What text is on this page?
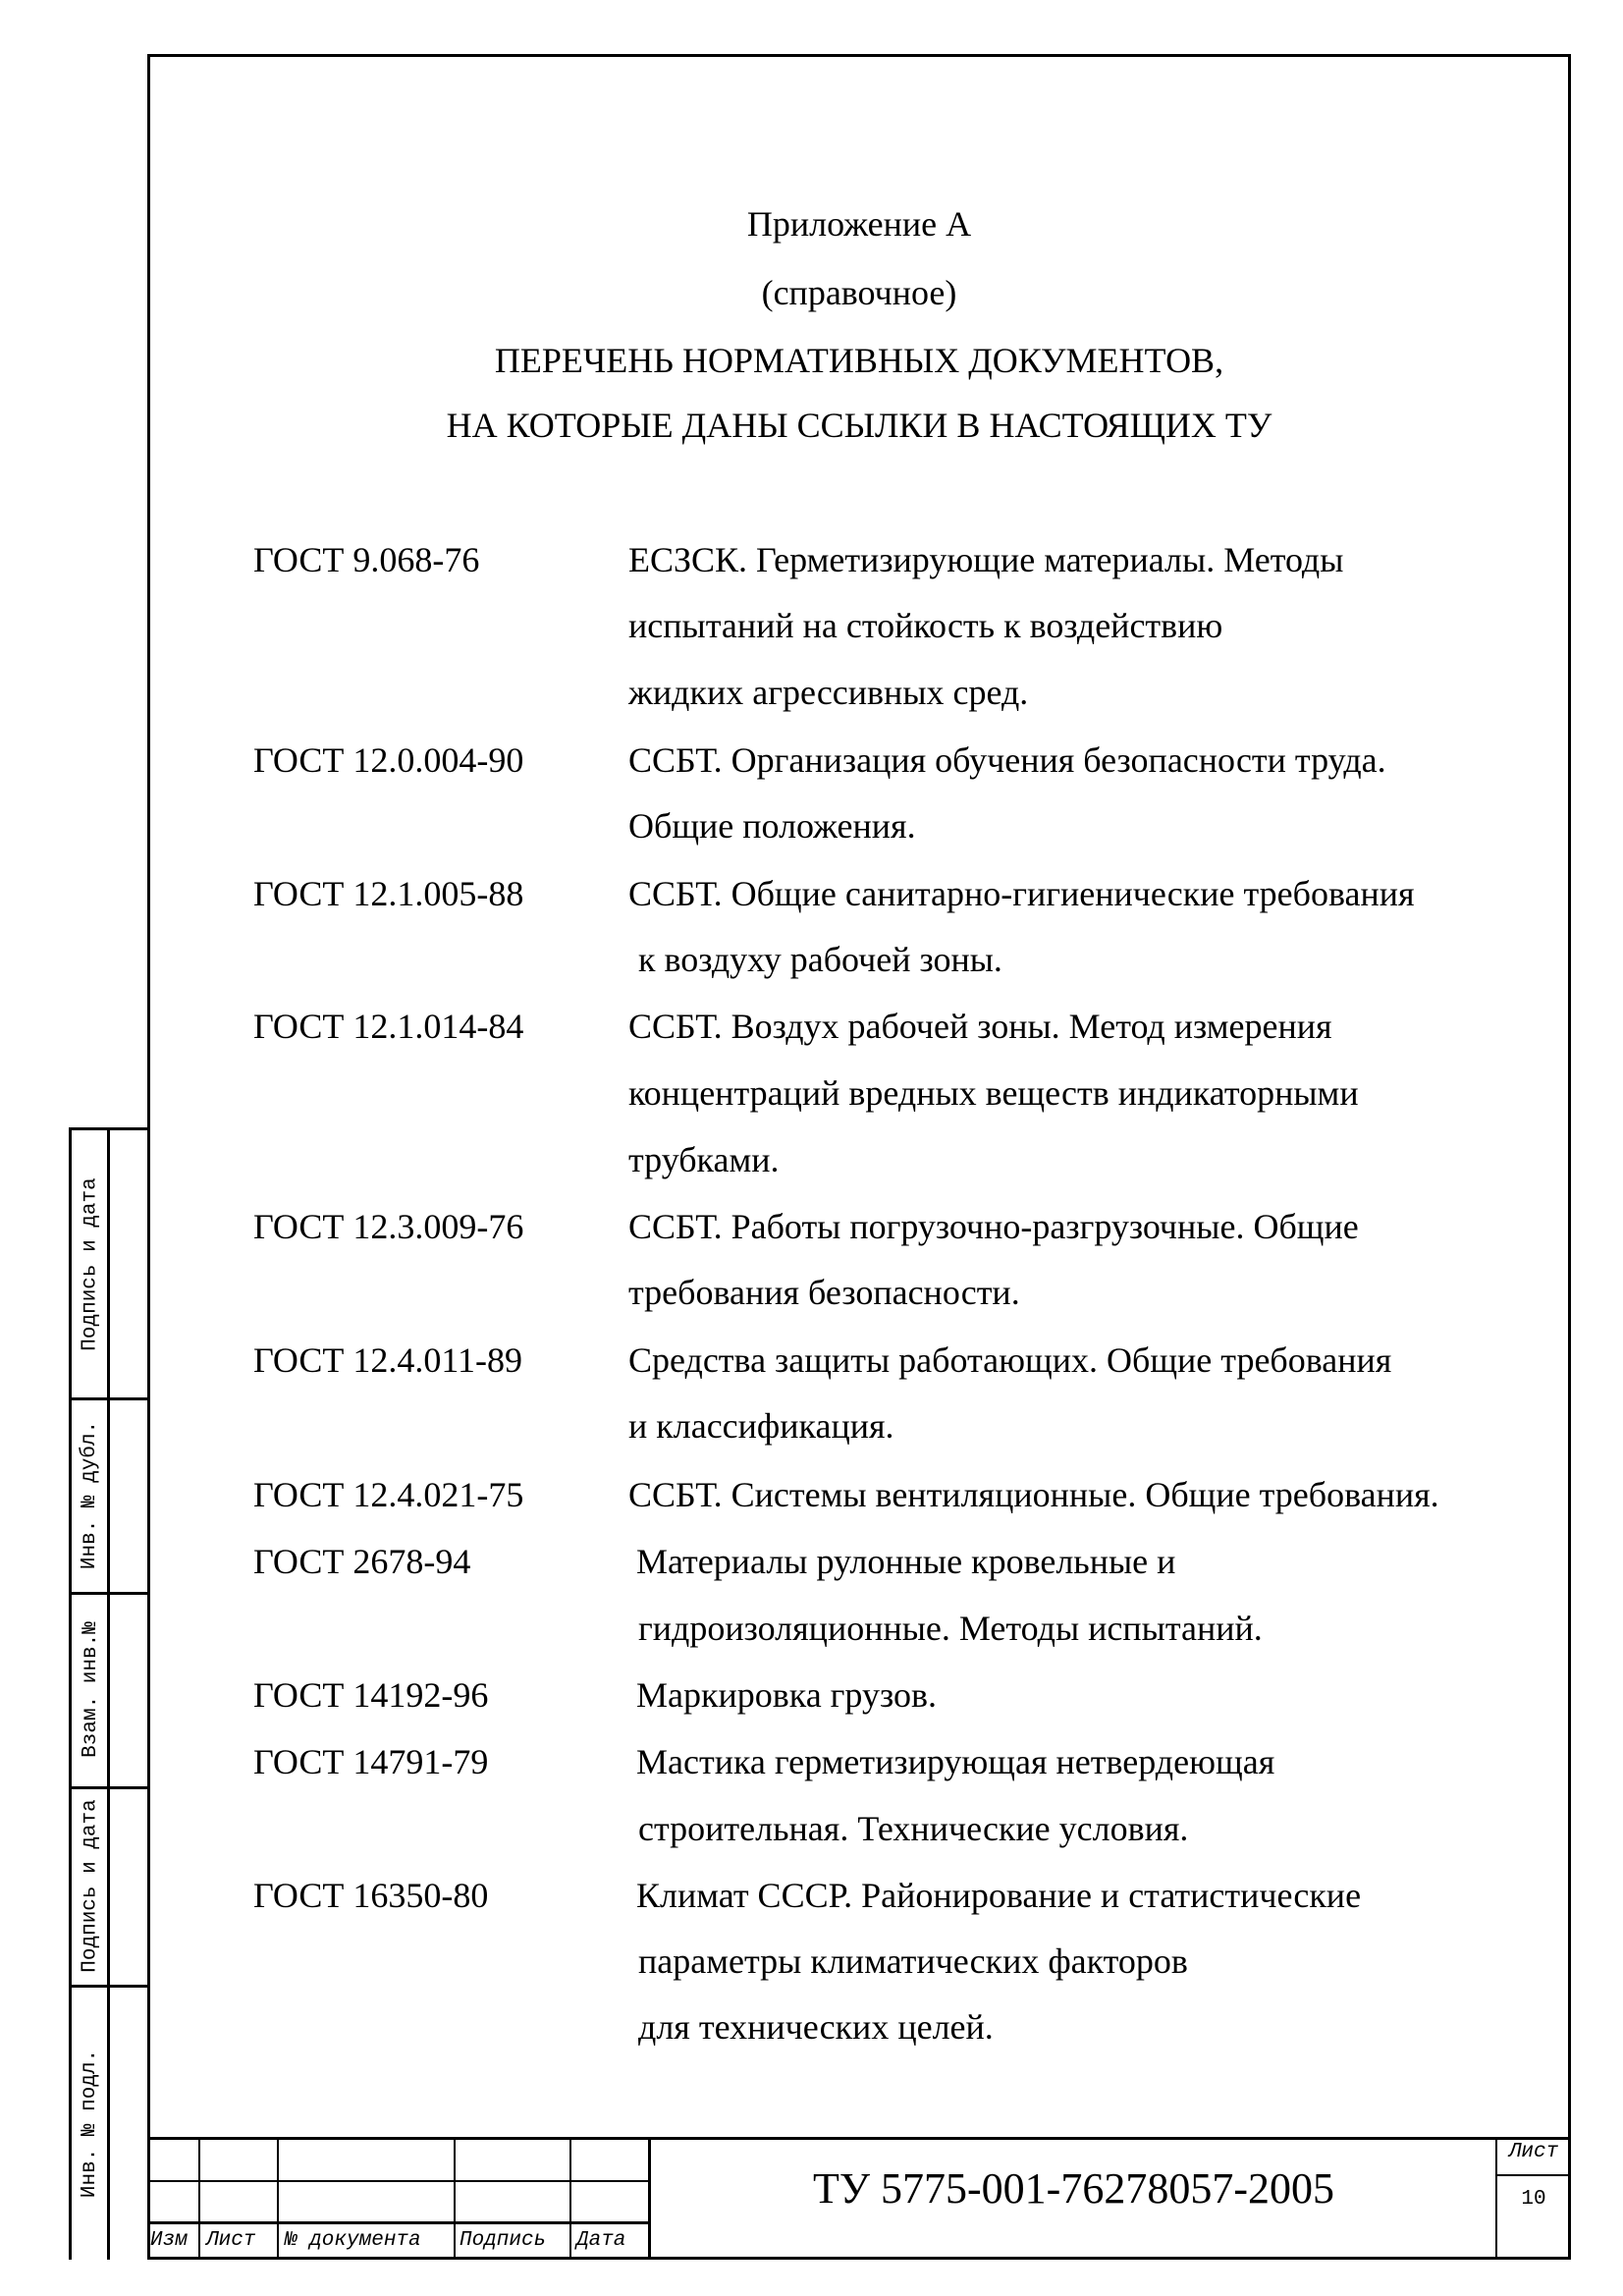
Приложение А
(справочное)
ПЕРЕЧЕНЬ НОРМАТИВНЫХ ДОКУМЕНТОВ,
НА КОТОРЫЕ ДАНЫ ССЫЛКИ В НАСТОЯЩИХ ТУ
ГОСТ 9.068-76	ЕСЗСК. Герметизирующие материалы. Методы
испытаний на стойкость к воздействию
жидких агрессивных сред.
ГОСТ 12.0.004-90	ССБТ. Организация обучения безопасности труда.
Общие положения.
ГОСТ 12.1.005-88	ССБТ. Общие санитарно-гигиенические требования
к воздуху рабочей зоны.
ГОСТ 12.1.014-84	ССБТ. Воздух рабочей зоны. Метод измерения
концентраций вредных веществ индикаторными
трубками.
ГОСТ 12.3.009-76	ССБТ. Работы погрузочно-разгрузочные. Общие
требования безопасности.
ГОСТ 12.4.011-89	Средства защиты работающих. Общие требования
и классификация.
ГОСТ 12.4.021-75	ССБТ. Системы вентиляционные. Общие требования.
ГОСТ 2678-94	Материалы рулонные кровельные и
гидроизоляционные. Методы испытаний.
ГОСТ 14192-96	Маркировка грузов.
ГОСТ 14791-79	Мастика герметизирующая нетвердеющая
строительная. Технические условия.
ГОСТ 16350-80	Климат СССР. Районирование и статистические
параметры климатических факторов
для технических целей.
Подпись и дата
Инв. № дубл.
Взам. инв.№
Подпись и дата
Инв. № подл.
Изм Лист № документа Подпись Дата
ТУ 5775-001-76278057-2005
Лист
10
